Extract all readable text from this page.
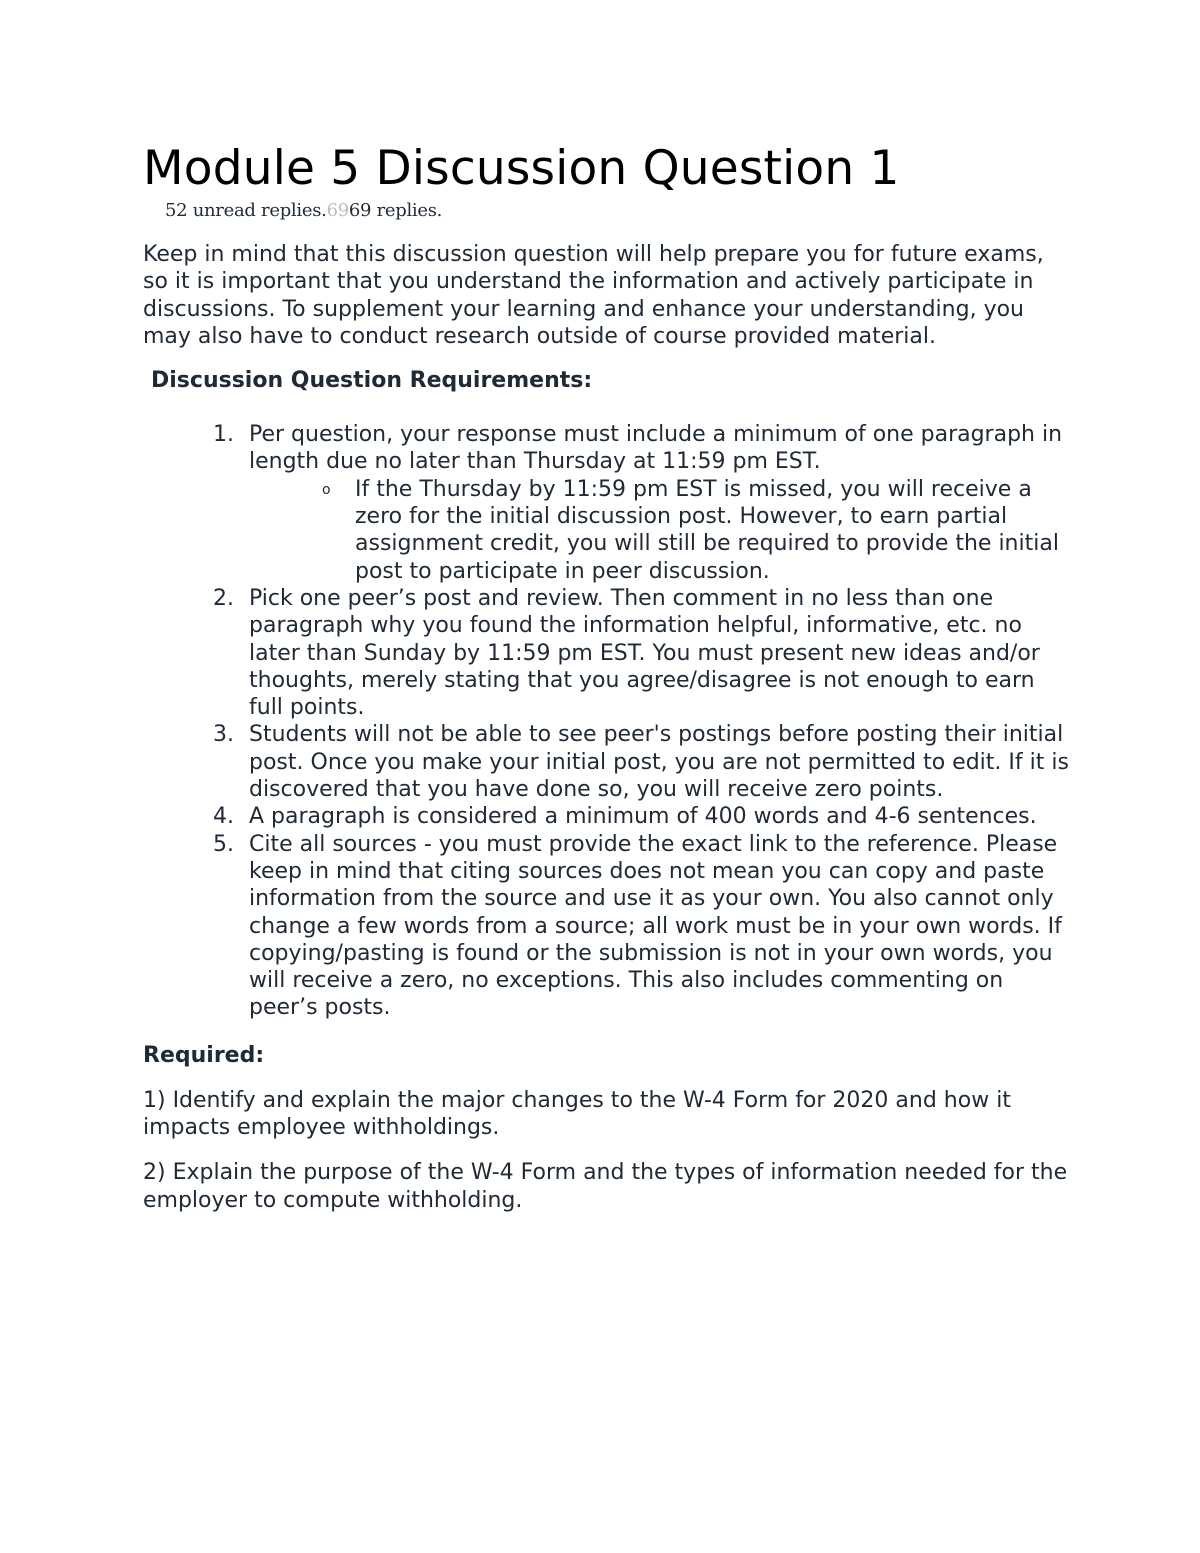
Module 5 Discussion Question 1

52 unread replies.6969 replies.

Keep in mind that this discussion question will help prepare you for future exams, so it is important that you understand the information and actively participate in discussions. To supplement your learning and enhance your understanding, you may also have to conduct research outside of course provided material.

Discussion Question Requirements:

1. Per question, your response must include a minimum of one paragraph in length due no later than Thursday at 11:59 pm EST.
o If the Thursday by 11:59 pm EST is missed, you will receive a zero for the initial discussion post. However, to earn partial assignment credit, you will still be required to provide the initial post to participate in peer discussion.
2. Pick one peer’s post and review. Then comment in no less than one paragraph why you found the information helpful, informative, etc. no later than Sunday by 11:59 pm EST. You must present new ideas and/or thoughts, merely stating that you agree/disagree is not enough to earn full points.
3. Students will not be able to see peer's postings before posting their initial post. Once you make your initial post, you are not permitted to edit. If it is discovered that you have done so, you will receive zero points.
4. A paragraph is considered a minimum of 400 words and 4-6 sentences.
5. Cite all sources - you must provide the exact link to the reference. Please keep in mind that citing sources does not mean you can copy and paste information from the source and use it as your own. You also cannot only change a few words from a source; all work must be in your own words. If copying/pasting is found or the submission is not in your own words, you will receive a zero, no exceptions. This also includes commenting on peer’s posts.

Required:

1) Identify and explain the major changes to the W-4 Form for 2020 and how it impacts employee withholdings.

2) Explain the purpose of the W-4 Form and the types of information needed for the employer to compute withholding.
